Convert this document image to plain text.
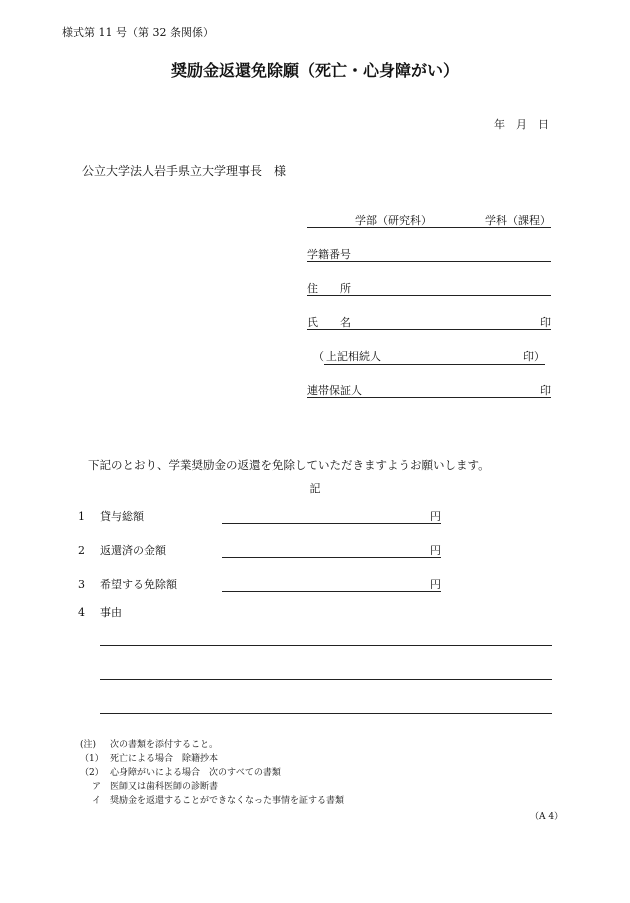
様式第 11 号（第 32 条関係）
奨励金返還免除願（死亡・心身障がい）
年　月　日
公立大学法人岩手県立大学理事長　様
学部（研究科）	学科（課程）
学籍番号
住　　所
氏　　名	印
（ 上記相続人	印）
連帯保証人	印
下記のとおり、学業奨励金の返還を免除していただきますようお願いします。
記
1 貸与総額	円
2 返還済の金額	円
3 希望する免除額	円
4 事由
(注) 次の書類を添付すること。
（1） 死亡による場合　除籍抄本
（2） 心身障がいによる場合　次のすべての書類
ア 医師又は歯科医師の診断書
イ 奨励金を返還することができなくなった事情を証する書類
（A 4）
